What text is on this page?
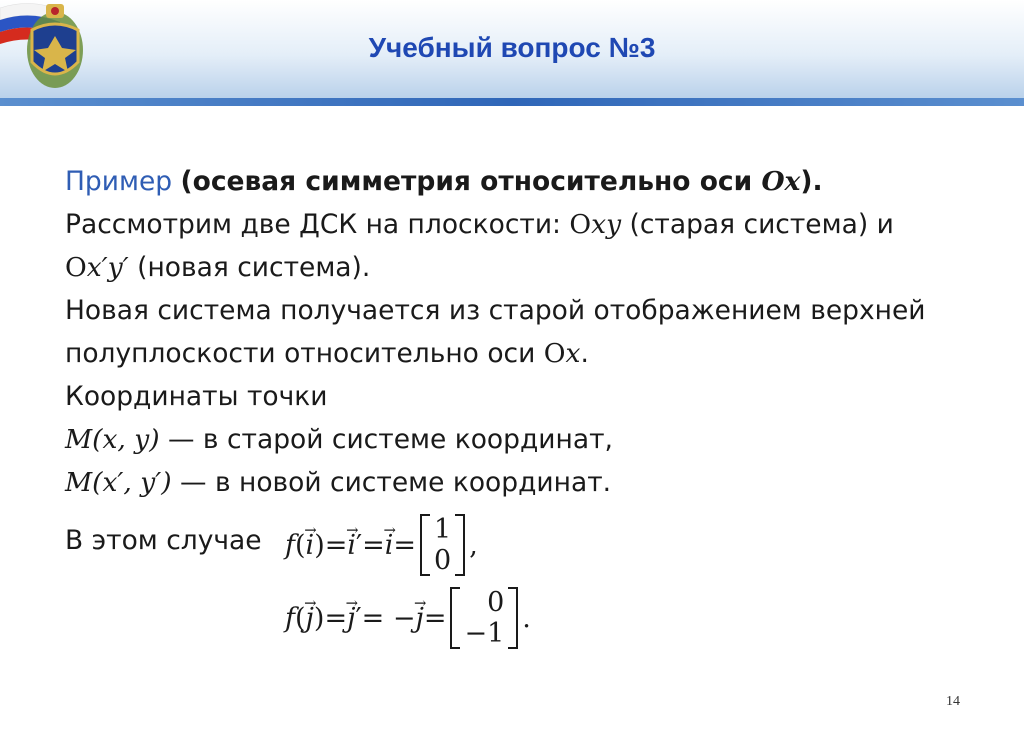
Учебный вопрос №3
Пример (осевая симметрия относительно оси Ox).
Рассмотрим две ДСК на плоскости: Oxy (старая система) и
Ox′y′ (новая система).
Новая система получается из старой отображением верхней
полуплоскости относительно оси Ox.
Координаты точки
M(x, y) — в старой системе координат,
M(x′, y′) — в новой системе координат.
В этом случае f ( i → ) = i → ′ = i → = 1
0 ,
f ( j → ) = j → ′ = − j → = 0
−1 .
14
